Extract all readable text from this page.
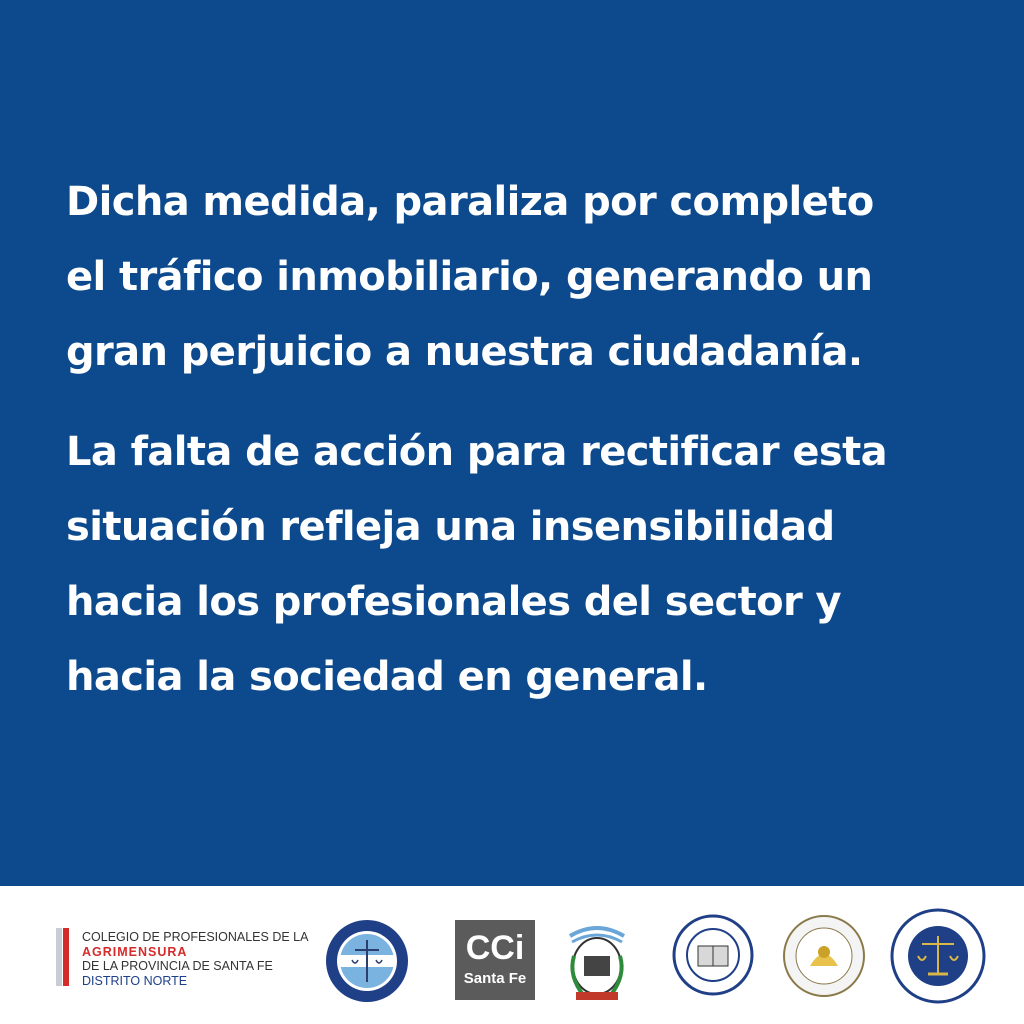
Dicha medida, paraliza por completo
el tráfico inmobiliario, generando un
gran perjuicio a nuestra ciudadanía.

La falta de acción para rectificar esta
situación refleja una insensibilidad
hacia los profesionales del sector y
hacia la sociedad en general.

COLEGIO DE PROFESIONALES DE LA
AGRIMENSURA
DE LA PROVINCIA DE SANTA FE
DISTRITO NORTE
CCi
Santa Fe
